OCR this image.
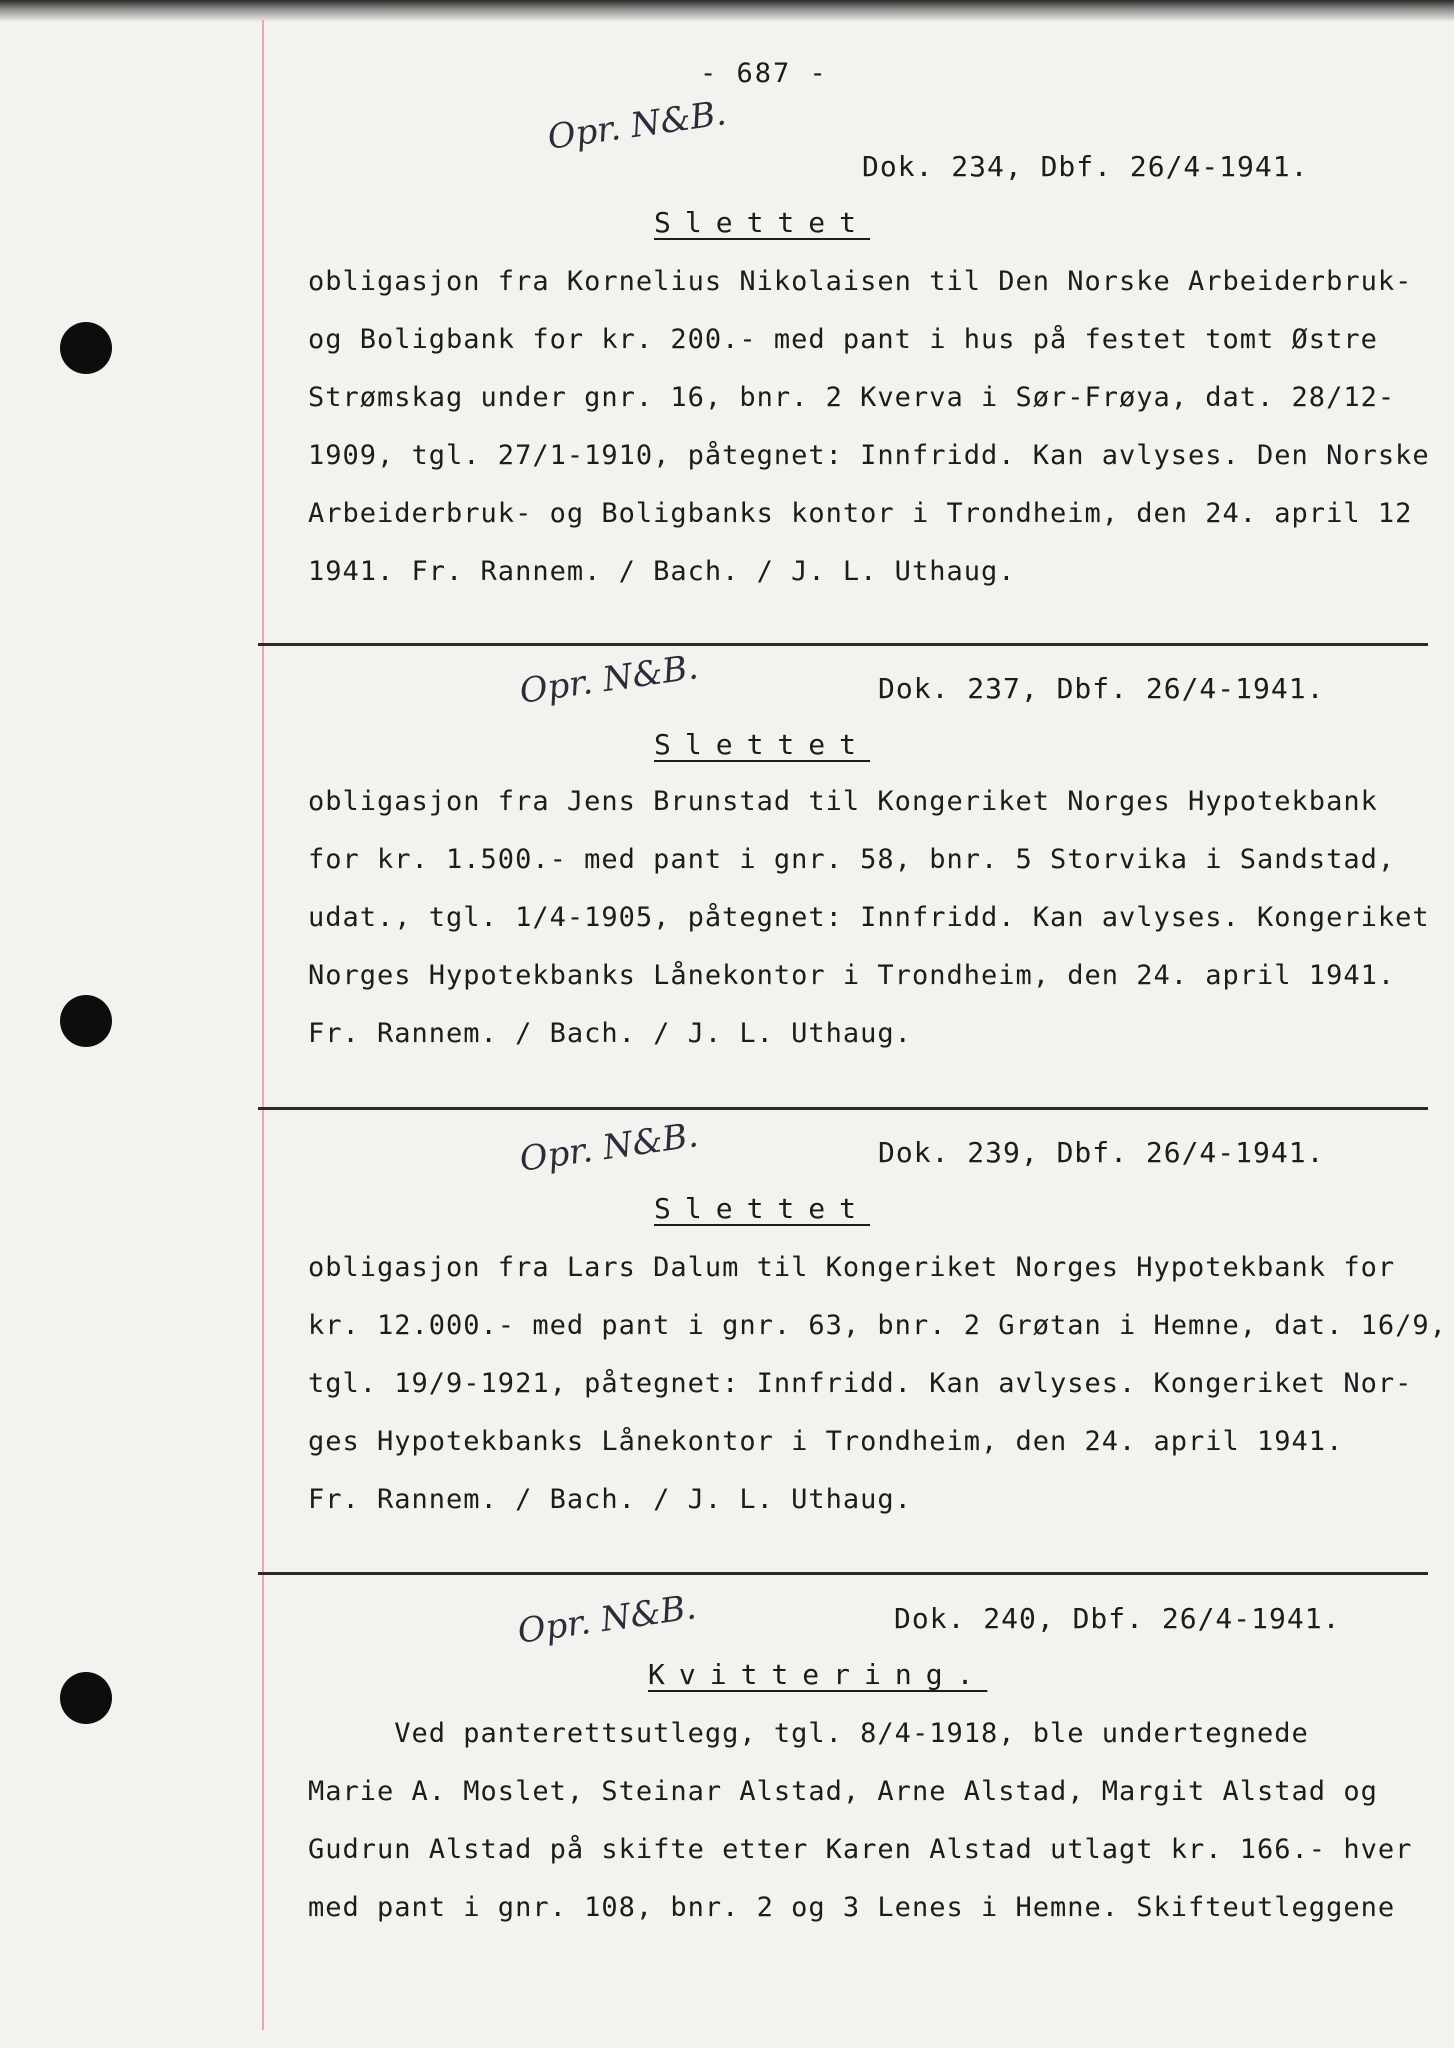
- 687 -
Opr. N&B.
Dok. 234, Dbf. 26/4-1941.
Slettet
obligasjon fra Kornelius Nikolaisen til Den Norske Arbeiderbruk-
og Boligbank for kr. 200.- med pant i hus på festet tomt Østre
Strømskag under gnr. 16, bnr. 2 Kverva i Sør-Frøya, dat. 28/12-
1909, tgl. 27/1-1910, påtegnet: Innfridd. Kan avlyses. Den Norske
Arbeiderbruk- og Boligbanks kontor i Trondheim, den 24. april 12
1941. Fr. Rannem. / Bach. / J. L. Uthaug.
Opr. N&B.	Dok. 237, Dbf. 26/4-1941.
Slettet
obligasjon fra Jens Brunstad til Kongeriket Norges Hypotekbank
for kr. 1.500.- med pant i gnr. 58, bnr. 5 Storvika i Sandstad,
udat., tgl. 1/4-1905, påtegnet: Innfridd. Kan avlyses. Kongeriket
Norges Hypotekbanks Lånekontor i Trondheim, den 24. april 1941.
Fr. Rannem. / Bach. / J. L. Uthaug.
Opr. N&B.	Dok. 239, Dbf. 26/4-1941.
Slettet
obligasjon fra Lars Dalum til Kongeriket Norges Hypotekbank for
kr. 12.000.- med pant i gnr. 63, bnr. 2 Grøtan i Hemne, dat. 16/9,
tgl. 19/9-1921, påtegnet: Innfridd. Kan avlyses. Kongeriket Nor-
ges Hypotekbanks Lånekontor i Trondheim, den 24. april 1941.
Fr. Rannem. / Bach. / J. L. Uthaug.
Opr. N&B.	Dok. 240, Dbf. 26/4-1941.
Kvittering.
Ved panterettsutlegg, tgl. 8/4-1918, ble undertegnede
Marie A. Moslet, Steinar Alstad, Arne Alstad, Margit Alstad og
Gudrun Alstad på skifte etter Karen Alstad utlagt kr. 166.- hver
med pant i gnr. 108, bnr. 2 og 3 Lenes i Hemne. Skifteutleggene
